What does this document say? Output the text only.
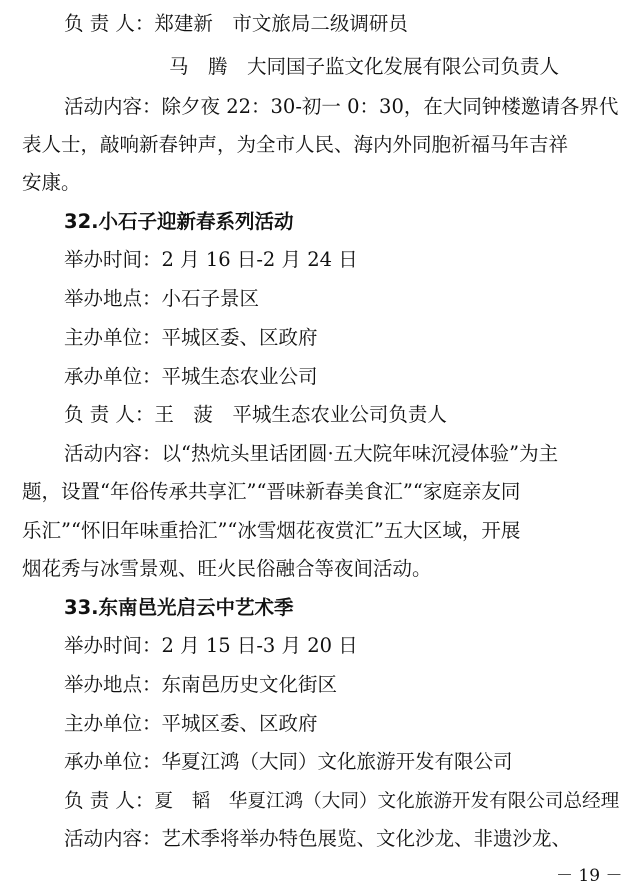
负 责 人：郑建新　市文旅局二级调研员
马　腾　大同国子监文化发展有限公司负责人
活动内容：除夕夜 22：30-初一 0：30，在大同钟楼邀请各界代
表人士，敲响新春钟声，为全市人民、海内外同胞祈福马年吉祥
安康。
32.小石子迎新春系列活动
举办时间：2 月 16 日-2 月 24 日
举办地点：小石子景区
主办单位：平城区委、区政府
承办单位：平城生态农业公司
负 责 人：王　菠　平城生态农业公司负责人
活动内容：以“热炕头里话团圆·五大院年味沉浸体验”为主
题，设置“年俗传承共享汇”“晋味新春美食汇”“家庭亲友同
乐汇”“怀旧年味重拾汇”“冰雪烟花夜赏汇”五大区域，开展
烟花秀与冰雪景观、旺火民俗融合等夜间活动。
33.东南邑光启云中艺术季
举办时间：2 月 15 日-3 月 20 日
举办地点：东南邑历史文化街区
主办单位：平城区委、区政府
承办单位：华夏江鸿（大同）文化旅游开发有限公司
负 责 人：夏　韬　华夏江鸿（大同）文化旅游开发有限公司总经理
活动内容：艺术季将举办特色展览、文化沙龙、非遗沙龙、
－ 19 －
